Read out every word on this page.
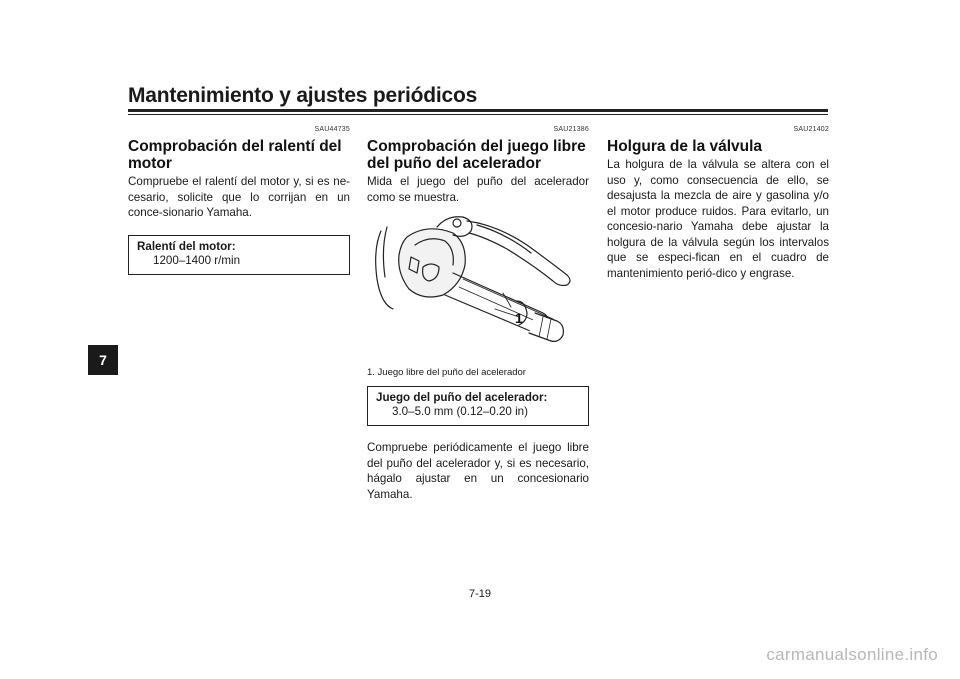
Mantenimiento y ajustes periódicos
7
SAU44735
Comprobación del ralentí del motor

Compruebe el ralentí del motor y, si es ne-cesario, solicite que lo corrijan en un conce-sionario Yamaha.

Ralentí del motor:
1200–1400 r/min
SAU21386
Comprobación del juego libre del puño del acelerador

Mida el juego del puño del acelerador como se muestra.

1
1. Juego libre del puño del acelerador
Juego del puño del acelerador:
3.0–5.0 mm (0.12–0.20 in)

Compruebe periódicamente el juego libre del puño del acelerador y, si es necesario, hágalo ajustar en un concesionario Yamaha.

SAU21402
Holgura de la válvula

La holgura de la válvula se altera con el uso y, como consecuencia de ello, se desajusta la mezcla de aire y gasolina y/o el motor produce ruidos. Para evitarlo, un concesio-nario Yamaha debe ajustar la holgura de la válvula según los intervalos que se especi-fican en el cuadro de mantenimiento perió-dico y engrase.

7-19
carmanualsonline.info
